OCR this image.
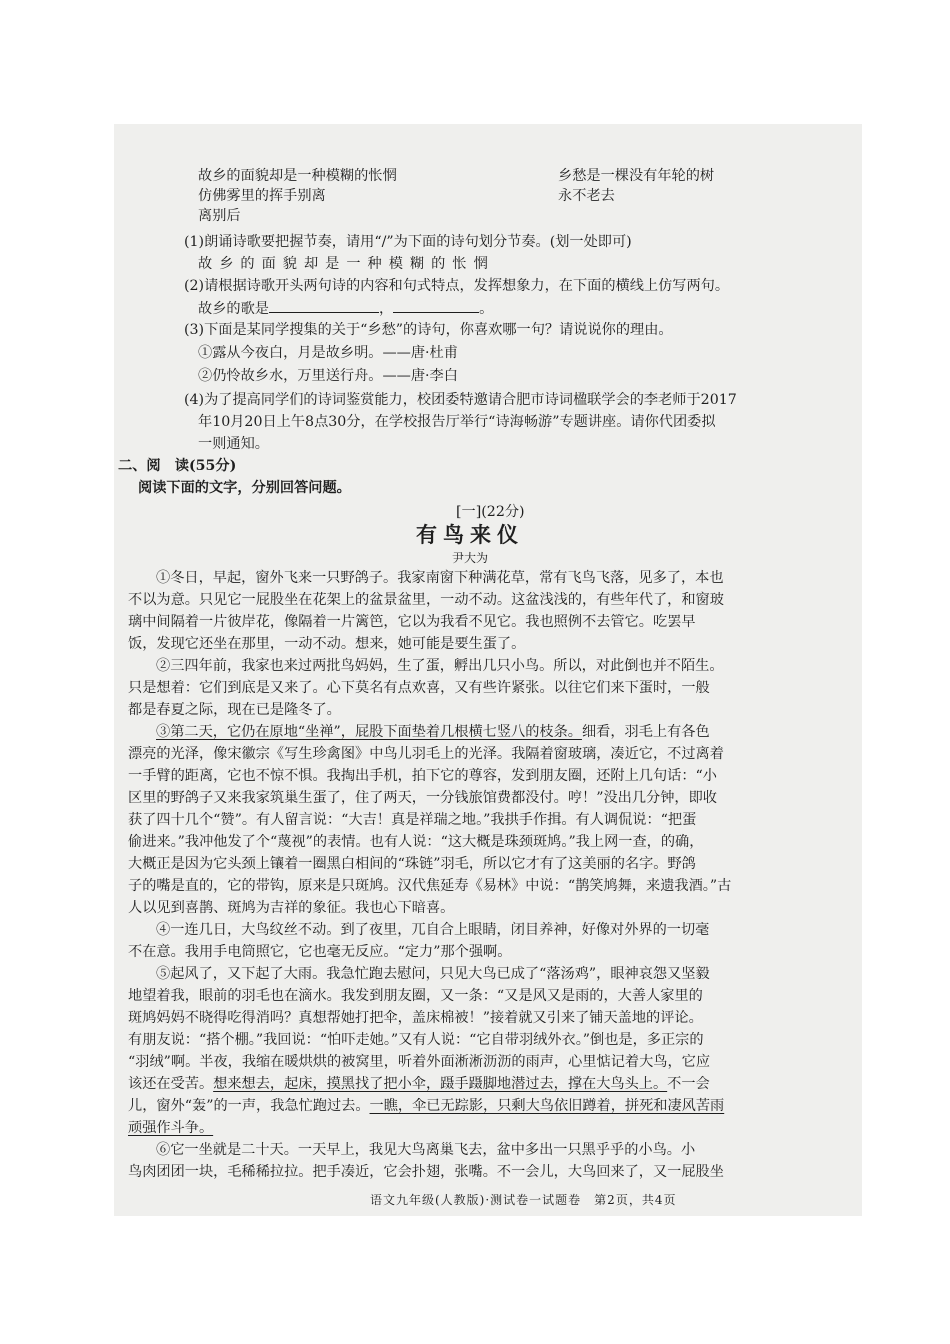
故乡的面貌却是一种模糊的怅惘
仿佛雾里的挥手别离
离别后
乡愁是一棵没有年轮的树
永不老去
(1)朗诵诗歌要把握节奏，请用“/”为下面的诗句划分节奏。(划一处即可)
故乡的面貌却是一种模糊的怅惘
(2)请根据诗歌开头两句诗的内容和句式特点，发挥想象力，在下面的横线上仿写两句。
故乡的歌是	，	。
(3)下面是某同学搜集的关于“乡愁”的诗句，你喜欢哪一句？请说说你的理由。
①露从今夜白，月是故乡明。——唐·杜甫
②仍怜故乡水，万里送行舟。——唐·李白
(4)为了提高同学们的诗词鉴赏能力，校团委特邀请合肥市诗词楹联学会的李老师于2017
年10月20日上午8点30分，在学校报告厅举行“诗海畅游”专题讲座。请你代团委拟
一则通知。
二、阅　读(55分)
阅读下面的文字，分别回答问题。
[一](22分)
有鸟来仪
尹大为
①冬日，早起，窗外飞来一只野鸽子。我家南窗下种满花草，常有飞鸟飞落，见多了，本也
不以为意。只见它一屁股坐在花架上的盆景盆里，一动不动。这盆浅浅的，有些年代了，和窗玻
璃中间隔着一片彼岸花，像隔着一片篱笆，它以为我看不见它。我也照例不去管它。吃罢早
饭，发现它还坐在那里，一动不动。想来，她可能是要生蛋了。
②三四年前，我家也来过两批鸟妈妈，生了蛋，孵出几只小鸟。所以，对此倒也并不陌生。
只是想着：它们到底是又来了。心下莫名有点欢喜，又有些许紧张。以往它们来下蛋时，一般
都是春夏之际，现在已是隆冬了。
③第二天，它仍在原地“坐禅”，屁股下面垫着几根横七竖八的枝条。细看，羽毛上有各色
漂亮的光泽，像宋徽宗《写生珍禽图》中鸟儿羽毛上的光泽。我隔着窗玻璃，凑近它，不过离着
一手臂的距离，它也不惊不惧。我掏出手机，拍下它的尊容，发到朋友圈，还附上几句话：“小
区里的野鸽子又来我家筑巢生蛋了，住了两天，一分钱旅馆费都没付。哼！”没出几分钟，即收
获了四十几个“赞”。有人留言说：“大吉！真是祥瑞之地。”我拱手作揖。有人调侃说：“把蛋
偷进来。”我冲他发了个“蔑视”的表情。也有人说：“这大概是珠颈斑鸠。”我上网一查，的确，
大概正是因为它头颈上镶着一圈黑白相间的“珠链”羽毛，所以它才有了这美丽的名字。野鸽
子的嘴是直的，它的带钩，原来是只斑鸠。汉代焦延寿《易林》中说：“鹊笑鸠舞，来遗我酒。”古
人以见到喜鹊、斑鸠为吉祥的象征。我也心下暗喜。
④一连几日，大鸟纹丝不动。到了夜里，兀自合上眼睛，闭目养神，好像对外界的一切毫
不在意。我用手电筒照它，它也毫无反应。“定力”那个强啊。
⑤起风了，又下起了大雨。我急忙跑去慰问，只见大鸟已成了“落汤鸡”，眼神哀怨又坚毅
地望着我，眼前的羽毛也在滴水。我发到朋友圈，又一条：“又是风又是雨的，大善人家里的
斑鸠妈妈不晓得吃得消吗？真想帮她打把伞，盖床棉被！”接着就又引来了铺天盖地的评论。
有朋友说：“搭个棚。”我回说：“怕吓走她。”又有人说：“它自带羽绒外衣。”倒也是，多正宗的
“羽绒”啊。半夜，我缩在暖烘烘的被窝里，听着外面淅淅沥沥的雨声，心里惦记着大鸟，它应
该还在受苦。想来想去，起床，摸黑找了把小伞，蹑手蹑脚地潜过去，撑在大鸟头上。不一会
儿，窗外“轰”的一声，我急忙跑过去。一瞧，伞已无踪影，只剩大鸟依旧蹲着，拼死和凄风苦雨
顽强作斗争。
⑥它一坐就是二十天。一天早上，我见大鸟离巢飞去，盆中多出一只黑乎乎的小鸟。小
鸟肉团团一块，毛稀稀拉拉。把手凑近，它会扑翅，张嘴。不一会儿，大鸟回来了，又一屁股坐
语文九年级(人教版)·测试卷一试题卷　第2页，共4页
